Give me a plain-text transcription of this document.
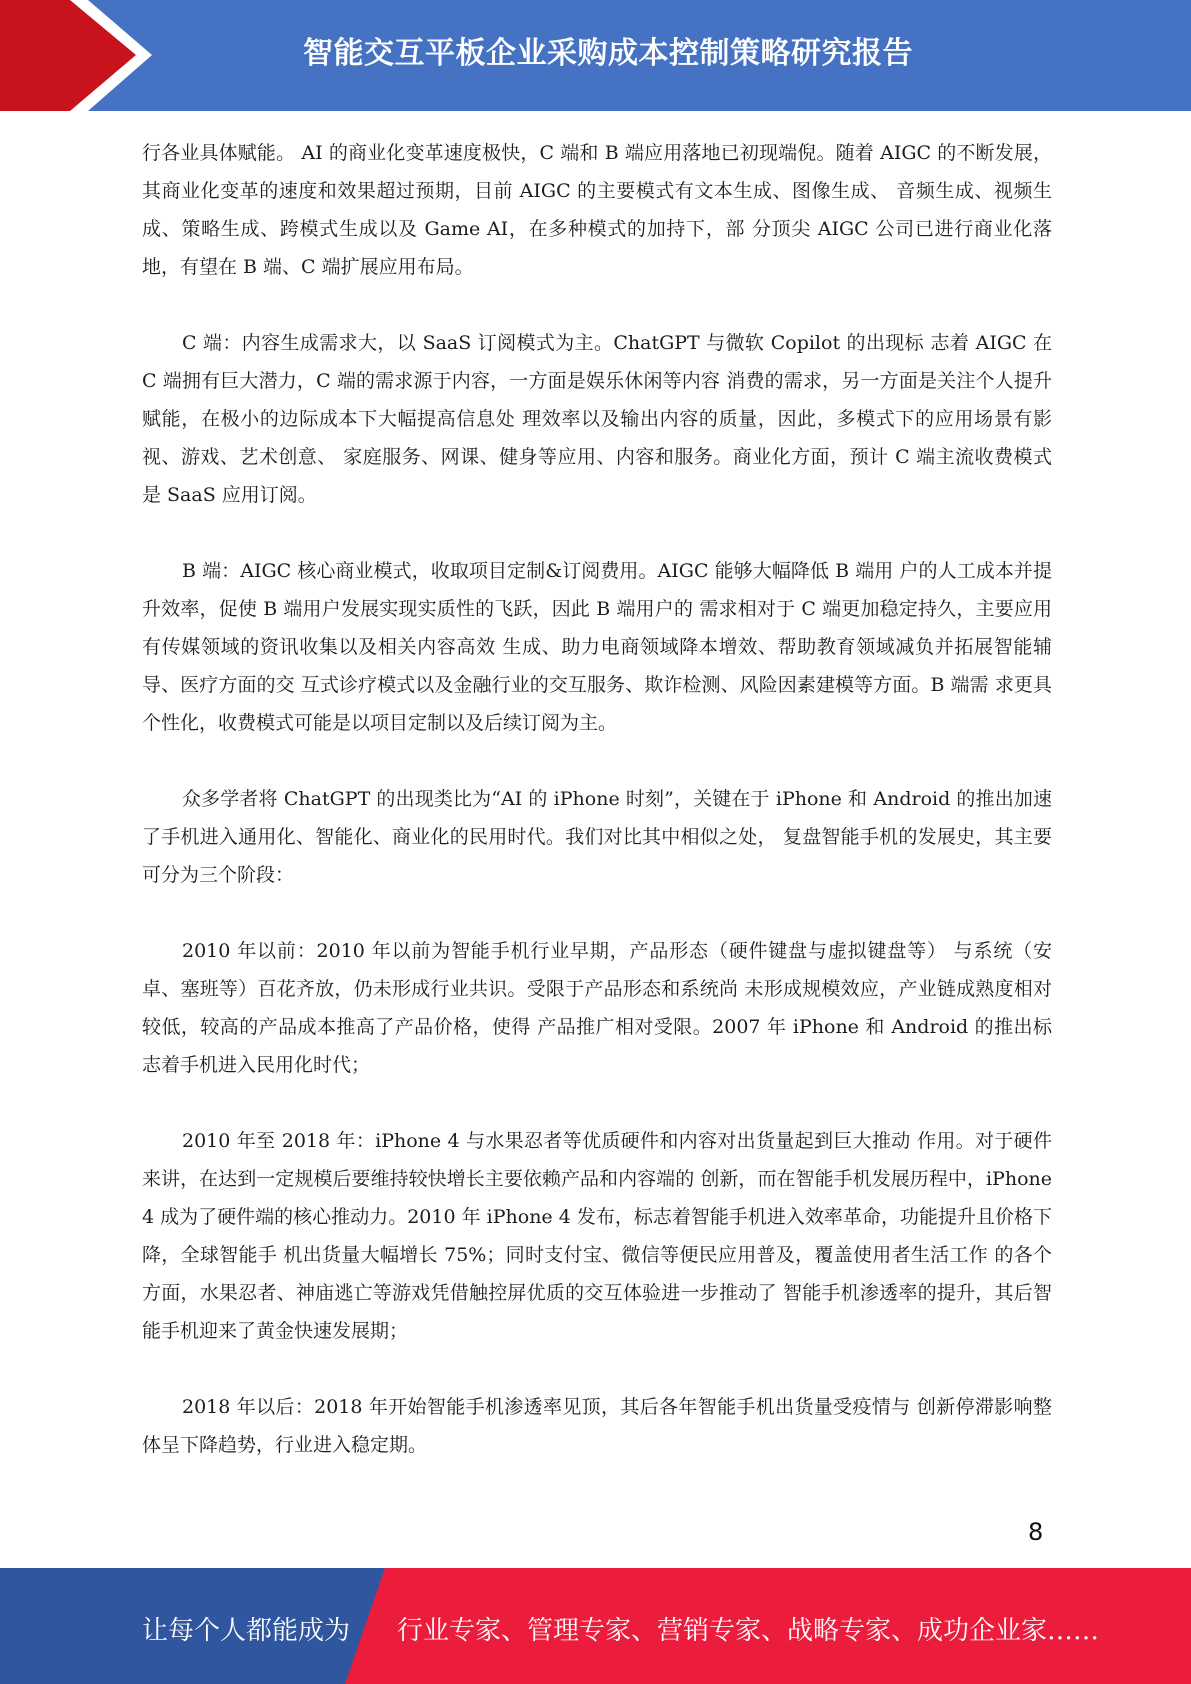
智能交互平板企业采购成本控制策略研究报告

行各业具体赋能。 AI 的商业化变革速度极快，C 端和 B 端应用落地已初现端倪。随着 AIGC 的不断发展， 其商业化变革的速度和效果超过预期，目前 AIGC 的主要模式有文本生成、图像生成、 音频生成、视频生成、策略生成、跨模式生成以及 Game AI，在多种模式的加持下，部 分顶尖 AIGC 公司已进行商业化落地，有望在 B 端、C 端扩展应用布局。

C 端：内容生成需求大，以 SaaS 订阅模式为主。ChatGPT 与微软 Copilot 的出现标 志着 AIGC 在 C 端拥有巨大潜力，C 端的需求源于内容，一方面是娱乐休闲等内容 消费的需求，另一方面是关注个人提升赋能，在极小的边际成本下大幅提高信息处 理效率以及输出内容的质量，因此，多模式下的应用场景有影视、游戏、艺术创意、 家庭服务、网课、健身等应用、内容和服务。商业化方面，预计 C 端主流收费模式 是 SaaS 应用订阅。

B 端：AIGC 核心商业模式，收取项目定制&订阅费用。AIGC 能够大幅降低 B 端用 户的人工成本并提升效率，促使 B 端用户发展实现实质性的飞跃，因此 B 端用户的 需求相对于 C 端更加稳定持久，主要应用有传媒领域的资讯收集以及相关内容高效 生成、助力电商领域降本增效、帮助教育领域减负并拓展智能辅导、医疗方面的交 互式诊疗模式以及金融行业的交互服务、欺诈检测、风险因素建模等方面。B 端需 求更具个性化，收费模式可能是以项目定制以及后续订阅为主。

众多学者将 ChatGPT 的出现类比为“AI 的 iPhone 时刻”，关键在于 iPhone 和 Android 的推出加速了手机进入通用化、智能化、商业化的民用时代。我们对比其中相似之处， 复盘智能手机的发展史，其主要可分为三个阶段：

2010 年以前：2010 年以前为智能手机行业早期，产品形态（硬件键盘与虚拟键盘等） 与系统（安卓、塞班等）百花齐放，仍未形成行业共识。受限于产品形态和系统尚 未形成规模效应，产业链成熟度相对较低，较高的产品成本推高了产品价格，使得 产品推广相对受限。2007 年 iPhone 和 Android 的推出标志着手机进入民用化时代；

2010 年至 2018 年：iPhone 4 与水果忍者等优质硬件和内容对出货量起到巨大推动 作用。对于硬件来讲，在达到一定规模后要维持较快增长主要依赖产品和内容端的 创新，而在智能手机发展历程中，iPhone 4 成为了硬件端的核心推动力。2010 年 iPhone 4 发布，标志着智能手机进入效率革命，功能提升且价格下降，全球智能手 机出货量大幅增长 75%；同时支付宝、微信等便民应用普及，覆盖使用者生活工作 的各个方面，水果忍者、神庙逃亡等游戏凭借触控屏优质的交互体验进一步推动了 智能手机渗透率的提升，其后智能手机迎来了黄金快速发展期；

2018 年以后：2018 年开始智能手机渗透率见顶，其后各年智能手机出货量受疫情与 创新停滞影响整体呈下降趋势，行业进入稳定期。

8
让每个人都能成为 行业专家、管理专家、营销专家、战略专家、成功企业家……
